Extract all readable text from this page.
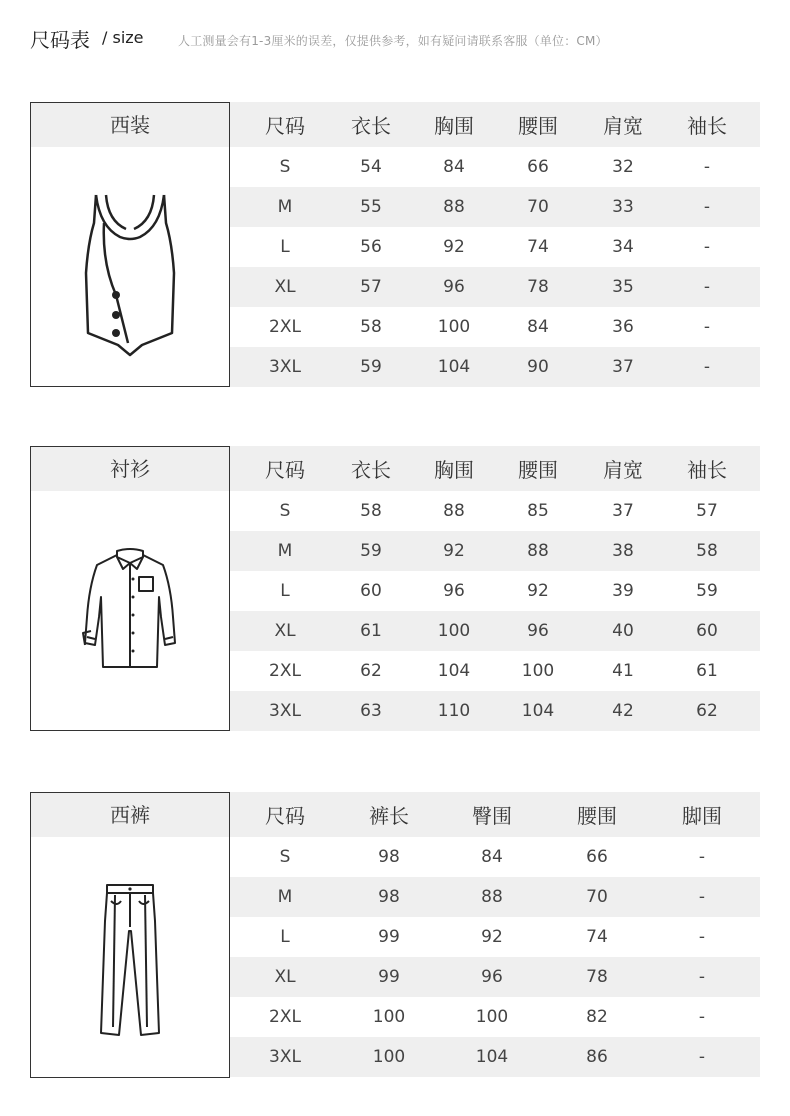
尺码表 / size	人工测量会有1-3厘米的误差，仅提供参考，如有疑问请联系客服（单位：CM）
西装	尺码	衣长	胸围	腰围	肩宽	袖长
S	54	84	66	32	-
M	55	88	70	33	-
L	56	92	74	34	-
XL	57	96	78	35	-
2XL	58	100	84	36	-
3XL	59	104	90	37	-
衬衫	尺码	衣长	胸围	腰围	肩宽	袖长
S	58	88	85	37	57
M	59	92	88	38	58
L	60	96	92	39	59
XL	61	100	96	40	60
2XL	62	104	100	41	61
3XL	63	110	104	42	62
西裤	尺码	裤长	臀围	腰围	脚围
S	98	84	66	-
M	98	88	70	-
L	99	92	74	-
XL	99	96	78	-
2XL	100	100	82	-
3XL	100	104	86	-
